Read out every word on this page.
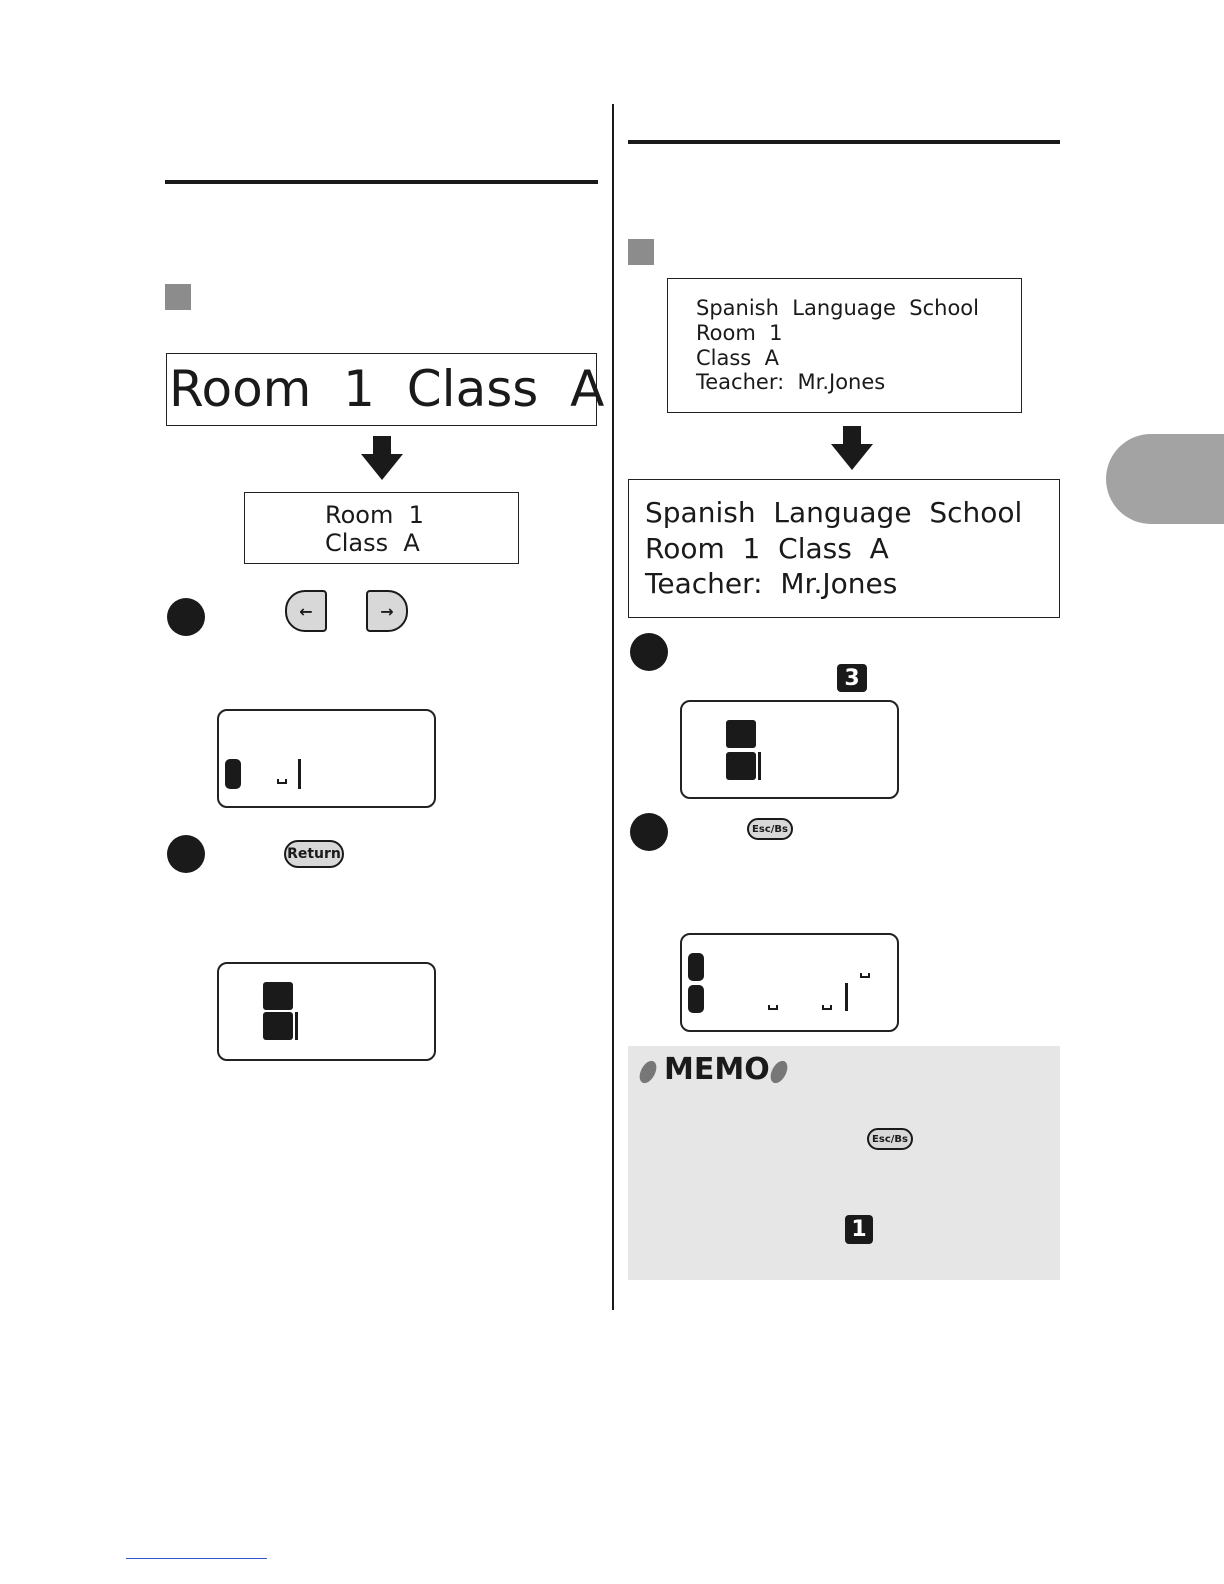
Room  1  Class  A
Room  1
Class  A
←	→
Return
Spanish  Language  School
Room  1
Class  A
Teacher:  Mr.Jones
Spanish  Language  School
Room  1  Class  A
Teacher:  Mr.Jones
3
Esc/Bs
MEMO
Esc/Bs
1
